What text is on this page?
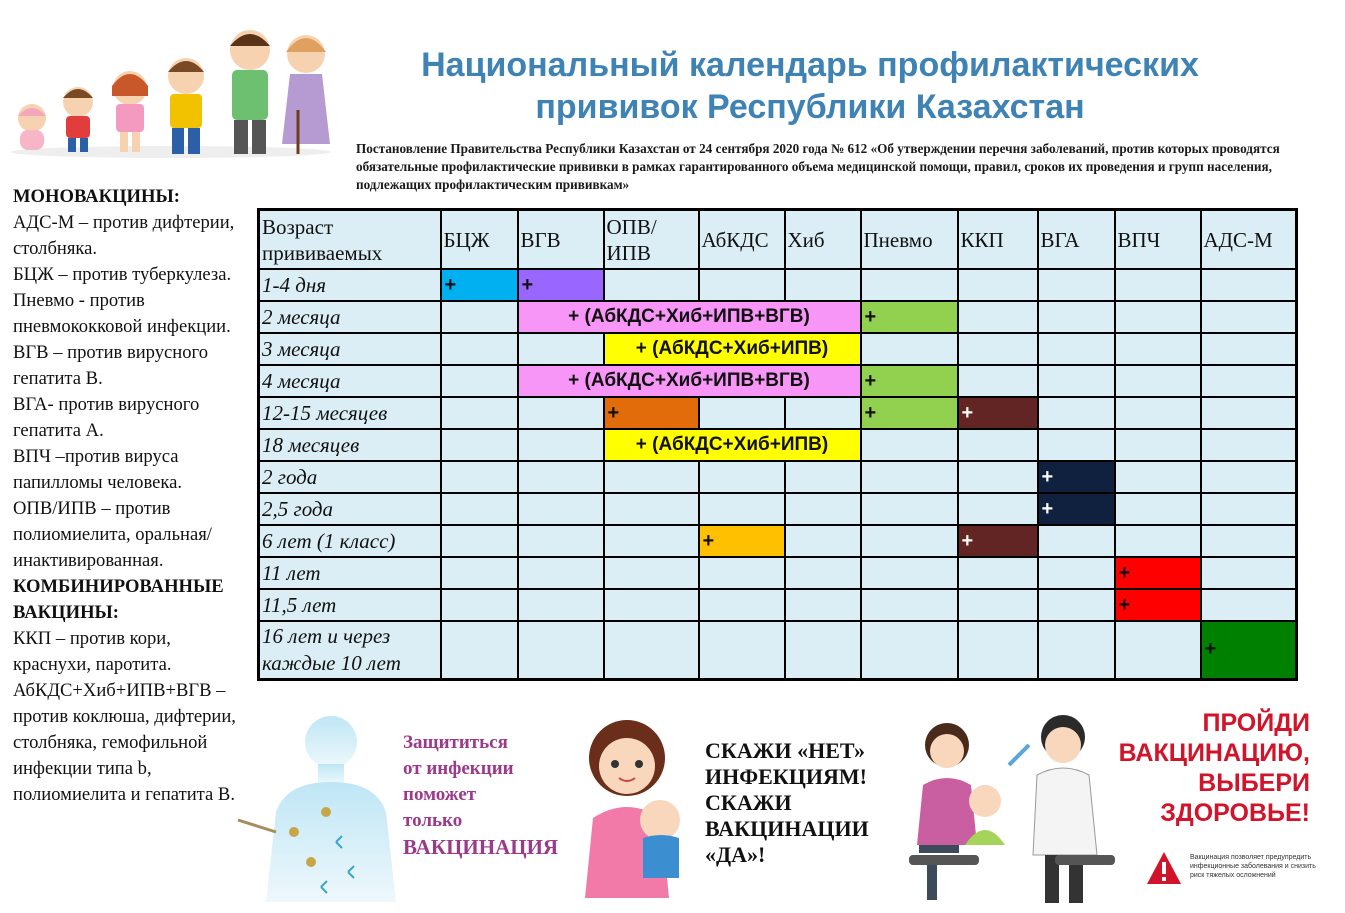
Национальный календарь профилактических
прививок Республики Казахстан
Постановление Правительства Республики Казахстан от 24 сентября 2020 года № 612 «Об утверждении перечня заболеваний, против которых проводятся обязательные профилактические прививки в рамках гарантированного объема медицинской помощи, правил, сроков их проведения и групп населения, подлежащих профилактическим прививкам»
МОНОВАКЦИНЫ:
АДС-М – против дифтерии, столбняка.
БЦЖ – против туберкулеза.
Пневмо - против пневмококковой инфекции.
ВГВ – против вирусного гепатита В.
ВГА- против вирусного гепатита А.
ВПЧ –против вируса папилломы человека.
ОПВ/ИПВ – против полиомиелита, оральная/ инактивированная.
КОМБИНИРОВАННЫЕ ВАКЦИНЫ:
ККП – против кори, краснухи, паротита.
АбКДС+Хиб+ИПВ+ВГВ – против коклюша, дифтерии, столбняка, гемофильной инфекции типа b, полиомиелита и гепатита В.
Возраст прививаемых	БЦЖ	ВГВ	ОПВ/ ИПВ	АбКДС	Хиб	Пневмо	ККП	ВГА	ВПЧ	АДС-М
1-4 дня	+	+								
2 месяца		+ (АбКДС+Хиб+ИПВ+ВГВ)				+				
3 месяца			+ (АбКДС+Хиб+ИПВ)							
4 месяца		+ (АбКДС+Хиб+ИПВ+ВГВ)				+				
12-15 месяцев			+			+	+			
18 месяцев			+ (АбКДС+Хиб+ИПВ)							
2 года								+		
2,5 года								+		
6 лет (1 класс)				+			+			
11 лет									+	
11,5 лет									+	
16 лет и через каждые 10 лет										+
Защититься
от инфекции
поможет
только
ВАКЦИНАЦИЯ
СКАЖИ «НЕТ»
ИНФЕКЦИЯМ!
СКАЖИ
ВАКЦИНАЦИИ
«ДА»!
ПРОЙДИ
ВАКЦИНАЦИЮ,
ВЫБЕРИ
ЗДОРОВЬЕ!
Вакцинация позволяет предупредить инфекционные заболевания и снизить риск тяжелых осложнений
